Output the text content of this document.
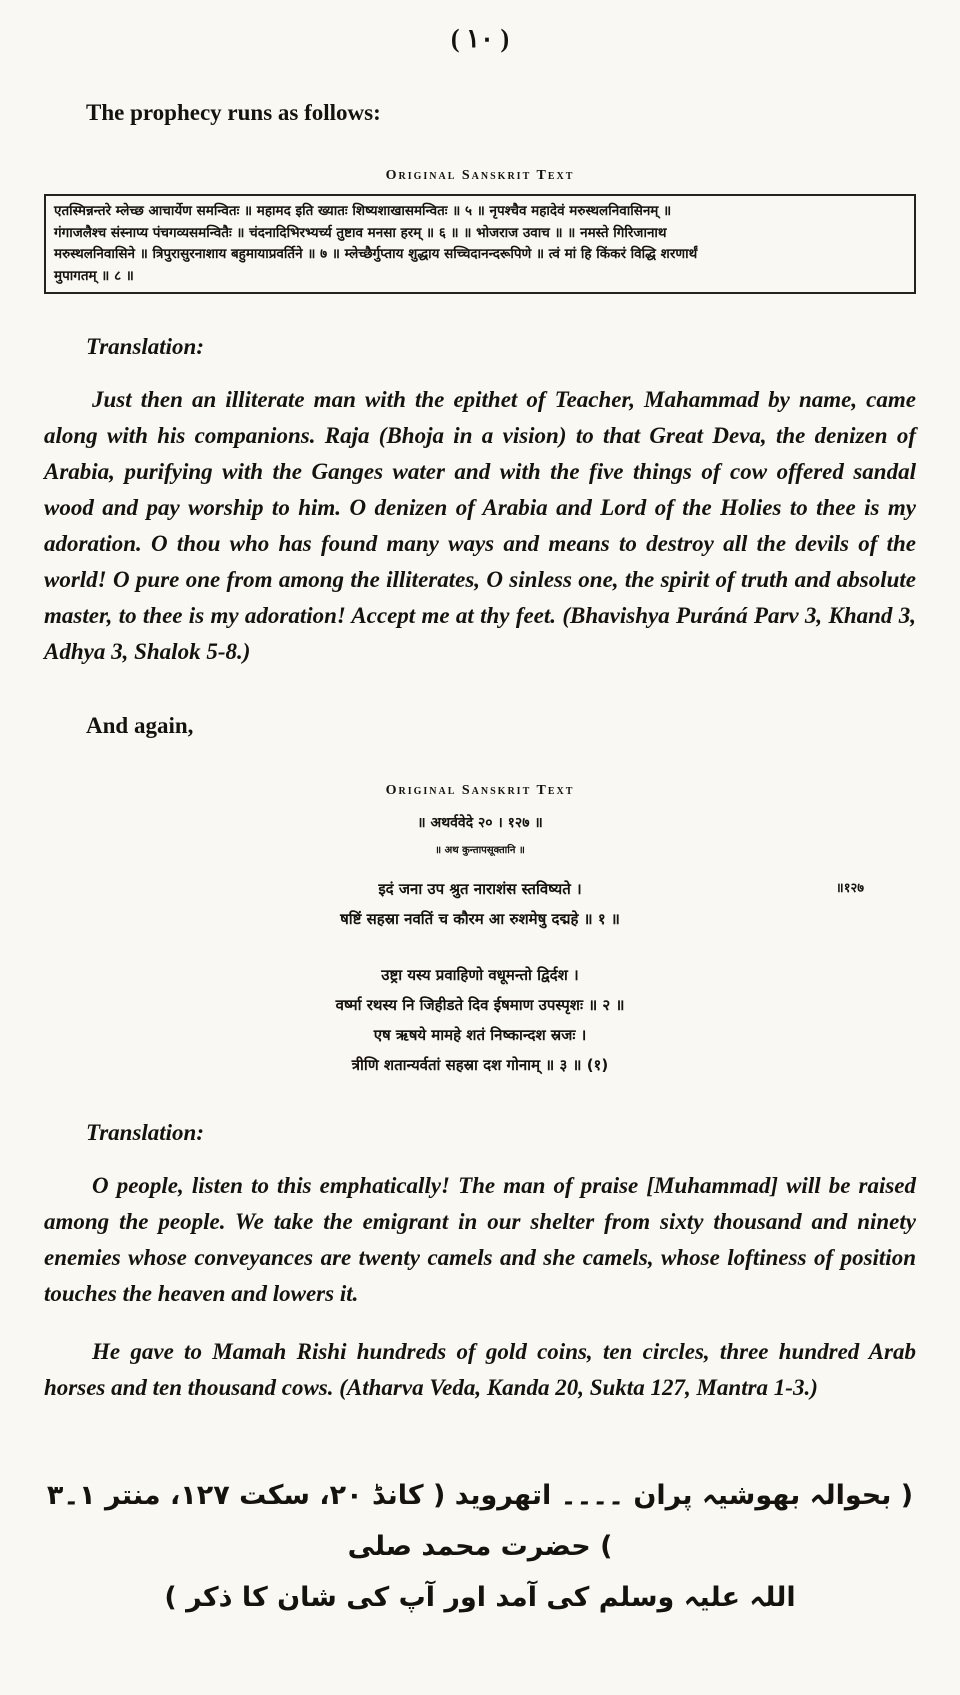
( ۱۰ )
The prophecy runs as follows:
Original Sanskrit Text
एतस्मिन्नन्तरे म्लेच्छ आचार्येण समन्वितः ॥ महामद इति ख्यातः शिष्यशाखासमन्वितः ॥ ५ ॥ नृपश्चैव महादेवं मरुस्थलनिवासिनम् ॥
गंगाजलैश्च संस्नाप्य पंचगव्यसमन्वितैः ॥ चंदनादिभिरभ्यर्च्य तुष्टाव मनसा हरम् ॥ ६ ॥ ॥ भोजराज उवाच ॥ ॥ नमस्ते गिरिजानाथ
मरुस्थलनिवासिने ॥ त्रिपुरासुरनाशाय बहुमायाप्रवर्तिने ॥ ७ ॥ म्लेच्छैर्गुप्ताय शुद्धाय सच्चिदानन्दरूपिणे ॥ त्वं मां हि किंकरं विद्धि शरणार्थं
मुपागतम् ॥ ८ ॥
Translation:
Just then an illiterate man with the epithet of Teacher, Mahammad by name, came along with his companions. Raja (Bhoja in a vision) to that Great Deva, the denizen of Arabia, purifying with the Ganges water and with the five things of cow offered sandal wood and pay worship to him. O denizen of Arabia and Lord of the Holies to thee is my adoration. O thou who has found many ways and means to destroy all the devils of the world! O pure one from among the illiterates, O sinless one, the spirit of truth and absolute master, to thee is my adoration! Accept me at thy feet. (Bhavishya Puráná Parv 3, Khand 3, Adhya 3, Shalok 5-8.)
And again,
Original Sanskrit Text
॥ अथर्ववेदे २० । १२७ ॥
॥ अथ कुन्तापसूक्तानि ॥
॥१२७
इदं जना उप श्रुत नाराशंस स्तविष्यते ।
षष्टिं सहस्रा नवतिं च कौरम आ रुशमेषु दद्महे ॥ १ ॥
उष्ट्रा यस्य प्रवाहिणो वधूमन्तो द्विर्दश ।
वर्ष्मा रथस्य नि जिहीडते दिव ईषमाण उपस्पृशः ॥ २ ॥
एष ऋषये मामहे शतं निष्कान्दश स्रजः ।
त्रीणि शतान्यर्वतां सहस्रा दश गोनाम् ॥ ३ ॥ (१)
Translation:
O people, listen to this emphatically! The man of praise [Muhammad] will be raised among the people. We take the emigrant in our shelter from sixty thousand and ninety enemies whose conveyances are twenty camels and she camels, whose loftiness of position touches the heaven and lowers it.
He gave to Mamah Rishi hundreds of gold coins, ten circles, three hundred Arab horses and ten thousand cows. (Atharva Veda, Kanda 20, Sukta 127, Mantra 1-3.)
( بحوالہ بھوشیہ پران ۔۔۔۔ اتھروید ( کانڈ ۲۰، سکت ۱۲۷، منتر ۱۔۳ ) حضرت محمد صلی
اللہ علیہ وسلم کی آمد اور آپ کی شان کا ذکر )
